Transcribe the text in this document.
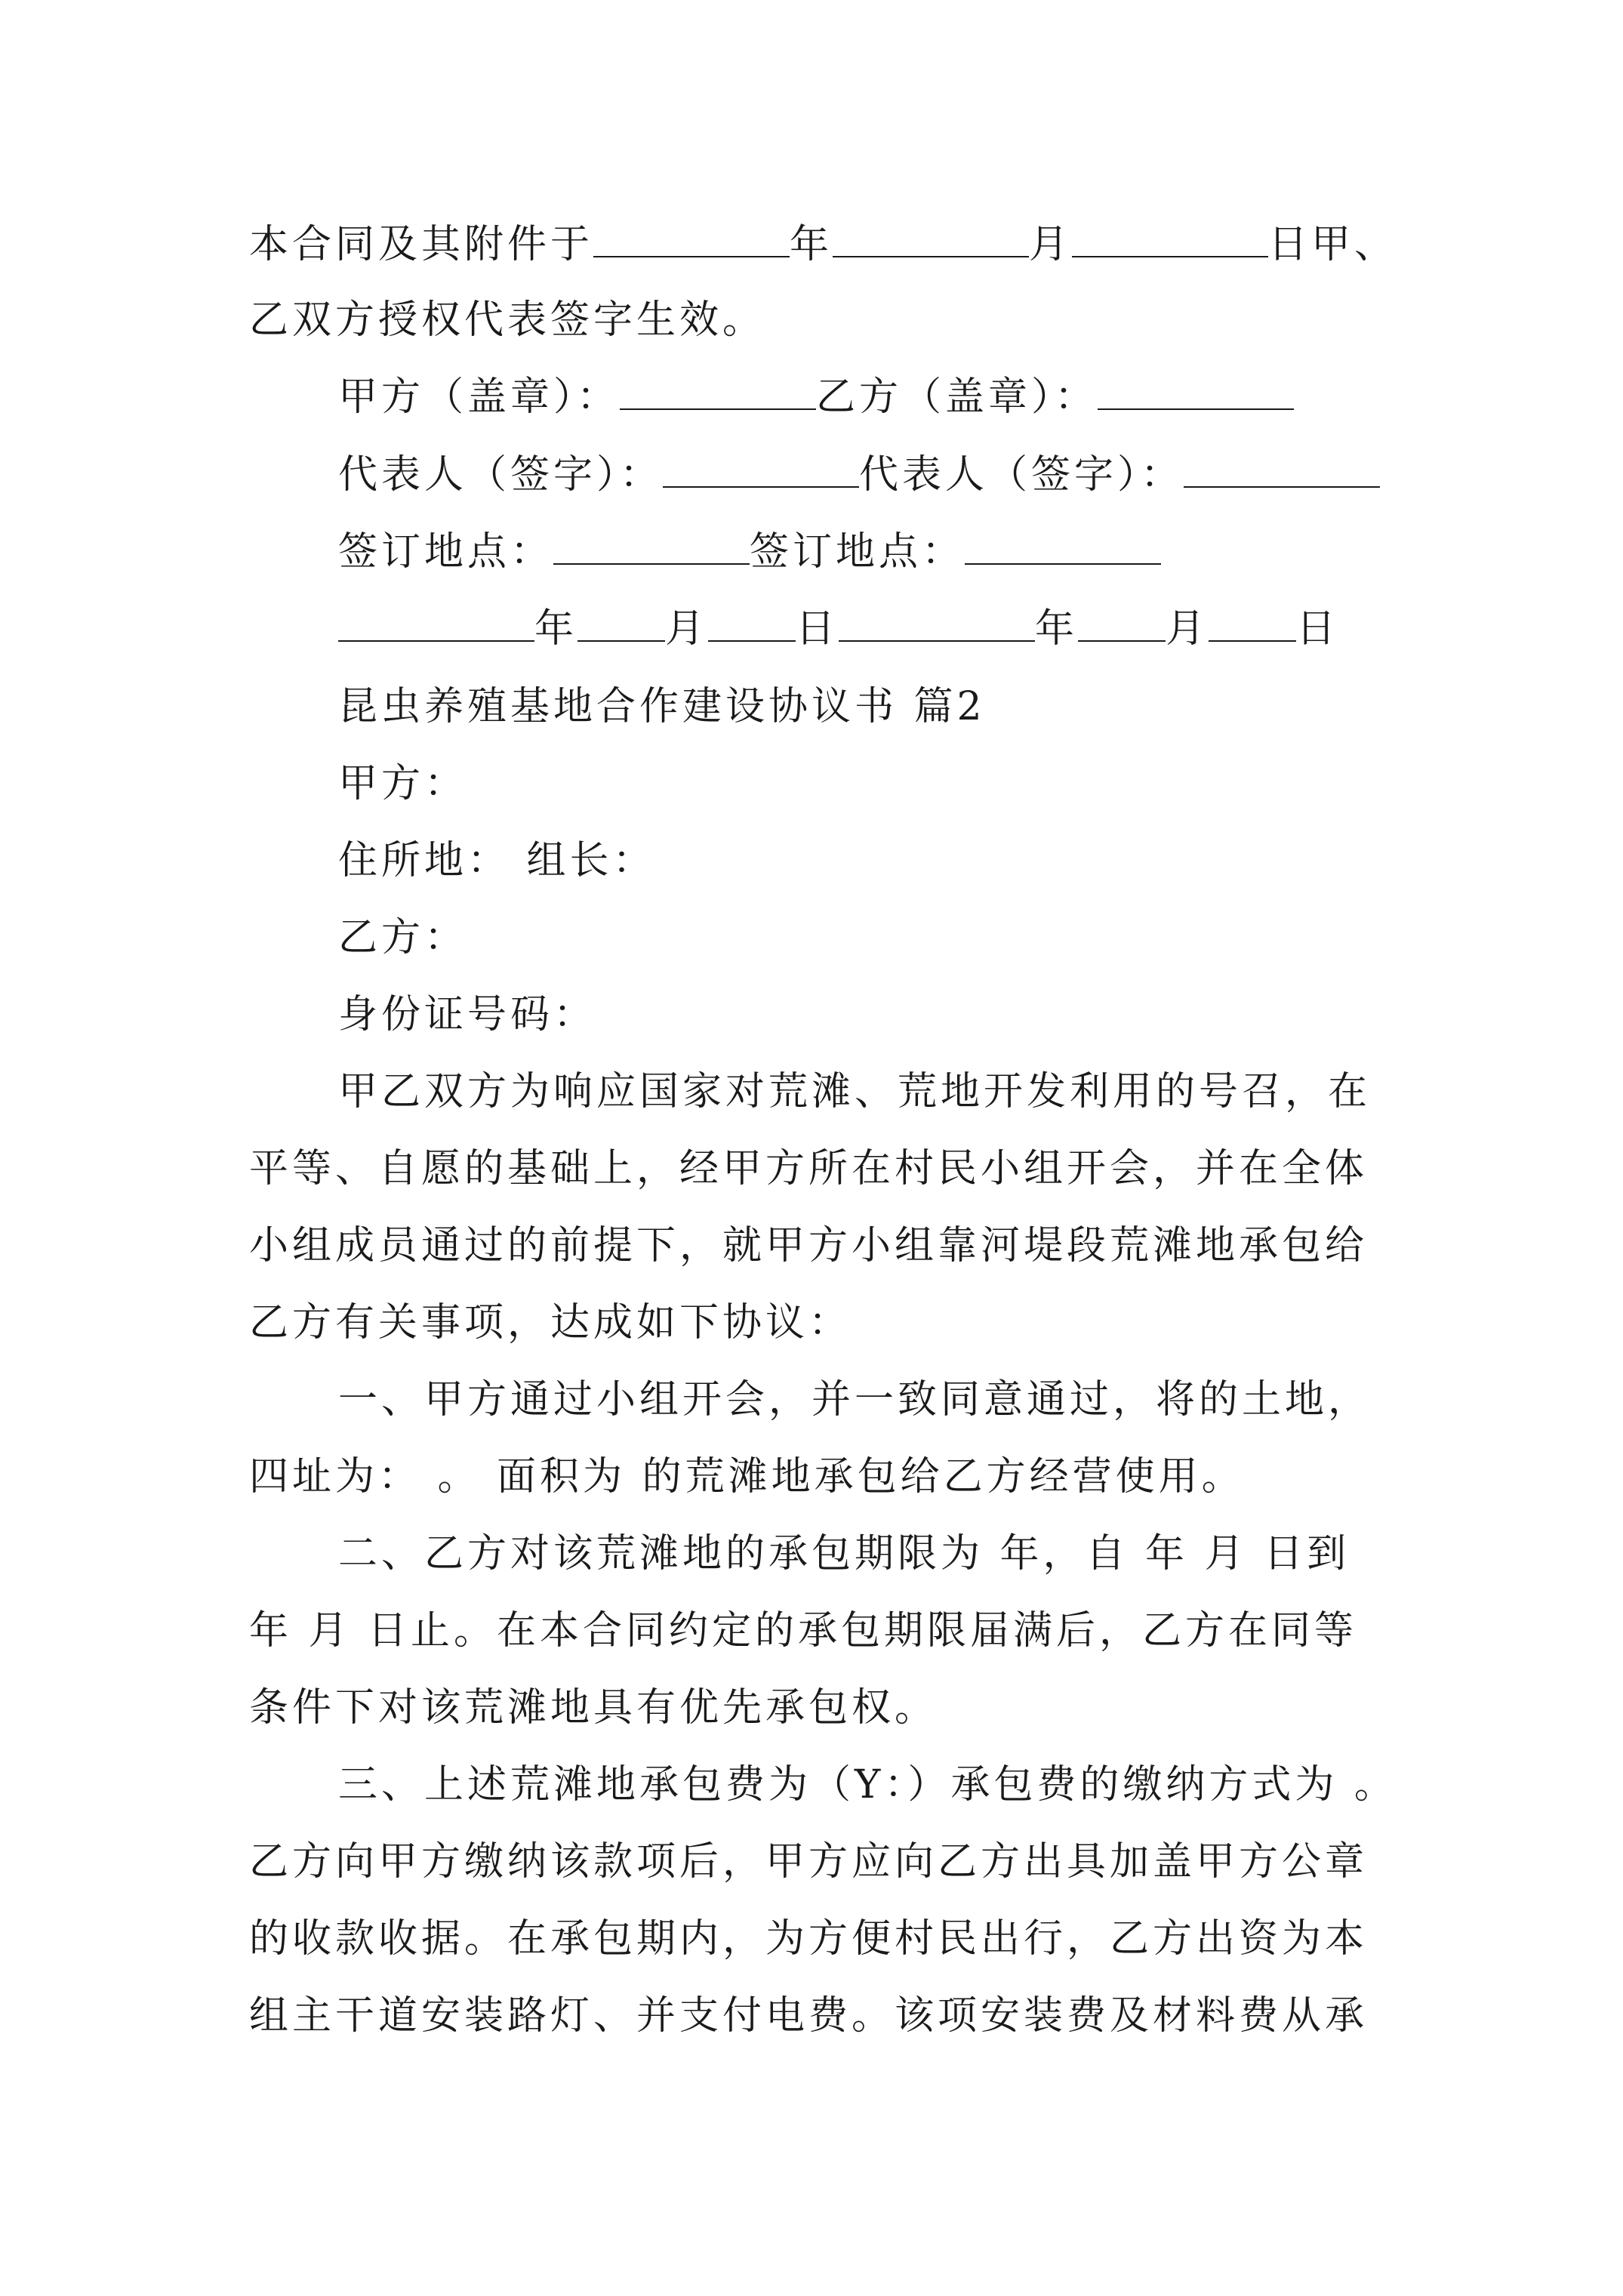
本合同及其附件于	年	月	日甲、
乙双方授权代表签字生效。
甲方（盖章）：	乙方（盖章）：
代表人（签字）：	代表人（签字）：
签订地点：	签订地点：
年 月 日	年 月 日
昆虫养殖基地合作建设协议书 篇2
甲方：
住所地： 组长：
乙方：
身份证号码：
甲乙双方为响应国家对荒滩、荒地开发利用的号召，在
平等、自愿的基础上，经甲方所在村民小组开会，并在全体
小组成员通过的前提下，就甲方小组靠河堤段荒滩地承包给
乙方有关事项，达成如下协议：
一、甲方通过小组开会，并一致同意通过，将的土地，
四址为： 。 面积为 的荒滩地承包给乙方经营使用。
二、乙方对该荒滩地的承包期限为 年，自 年 月 日到
年 月 日止。在本合同约定的承包期限届满后，乙方在同等
条件下对该荒滩地具有优先承包权。
三、上述荒滩地承包费为（Y：）承包费的缴纳方式为 。
乙方向甲方缴纳该款项后，甲方应向乙方出具加盖甲方公章
的收款收据。在承包期内，为方便村民出行，乙方出资为本
组主干道安装路灯、并支付电费。该项安装费及材料费从承
